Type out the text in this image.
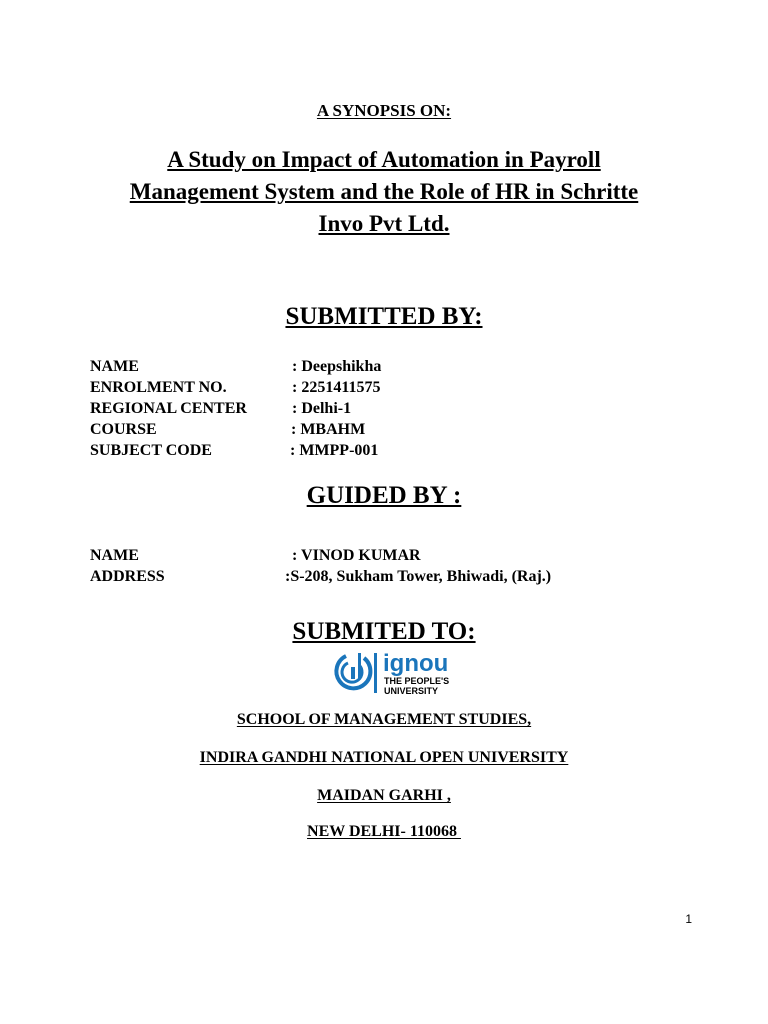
A SYNOPSIS ON:
A Study on Impact of Automation in Payroll
Management System and the Role of HR in Schritte
Invo Pvt Ltd.
SUBMITTED BY:
NAME	: Deepshikha
ENROLMENT NO.	: 2251411575
REGIONAL CENTER	: Delhi-1
COURSE	: MBAHM
SUBJECT CODE	: MMPP-001
GUIDED BY :
NAME	: VINOD KUMAR
ADDRESS	:S-208, Sukham Tower, Bhiwadi, (Raj.)
SUBMITED TO:
ignou
THE PEOPLE'S
UNIVERSITY
SCHOOL OF MANAGEMENT STUDIES,
INDIRA GANDHI NATIONAL OPEN UNIVERSITY
MAIDAN GARHI ,
NEW DELHI- 110068
1
